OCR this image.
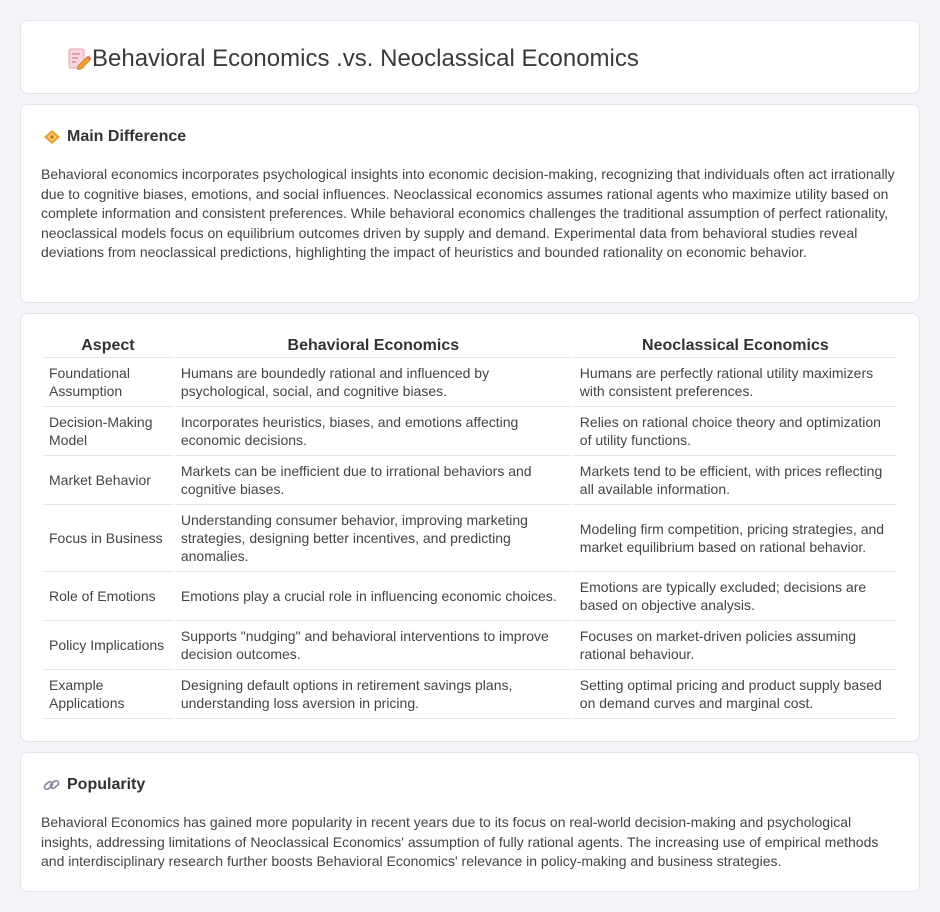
Behavioral Economics .vs. Neoclassical Economics
Main Difference

Behavioral economics incorporates psychological insights into economic decision-making, recognizing that individuals often act irrationally due to cognitive biases, emotions, and social influences. Neoclassical economics assumes rational agents who maximize utility based on complete information and consistent preferences. While behavioral economics challenges the traditional assumption of perfect rationality, neoclassical models focus on equilibrium outcomes driven by supply and demand. Experimental data from behavioral studies reveal deviations from neoclassical predictions, highlighting the impact of heuristics and bounded rationality on economic behavior.

Aspect	Behavioral Economics	Neoclassical Economics
Foundational Assumption	Humans are boundedly rational and influenced by psychological, social, and cognitive biases.	Humans are perfectly rational utility maximizers with consistent preferences.
Decision-Making Model	Incorporates heuristics, biases, and emotions affecting economic decisions.	Relies on rational choice theory and optimization of utility functions.
Market Behavior	Markets can be inefficient due to irrational behaviors and cognitive biases.	Markets tend to be efficient, with prices reflecting all available information.
Focus in Business	Understanding consumer behavior, improving marketing strategies, designing better incentives, and predicting anomalies.	Modeling firm competition, pricing strategies, and market equilibrium based on rational behavior.
Role of Emotions	Emotions play a crucial role in influencing economic choices.	Emotions are typically excluded; decisions are based on objective analysis.
Policy Implications	Supports "nudging" and behavioral interventions to improve decision outcomes.	Focuses on market-driven policies assuming rational behaviour.
Example Applications	Designing default options in retirement savings plans, understanding loss aversion in pricing.	Setting optimal pricing and product supply based on demand curves and marginal cost.
Popularity

Behavioral Economics has gained more popularity in recent years due to its focus on real-world decision-making and psychological insights, addressing limitations of Neoclassical Economics' assumption of fully rational agents. The increasing use of empirical methods and interdisciplinary research further boosts Behavioral Economics' relevance in policy-making and business strategies.
